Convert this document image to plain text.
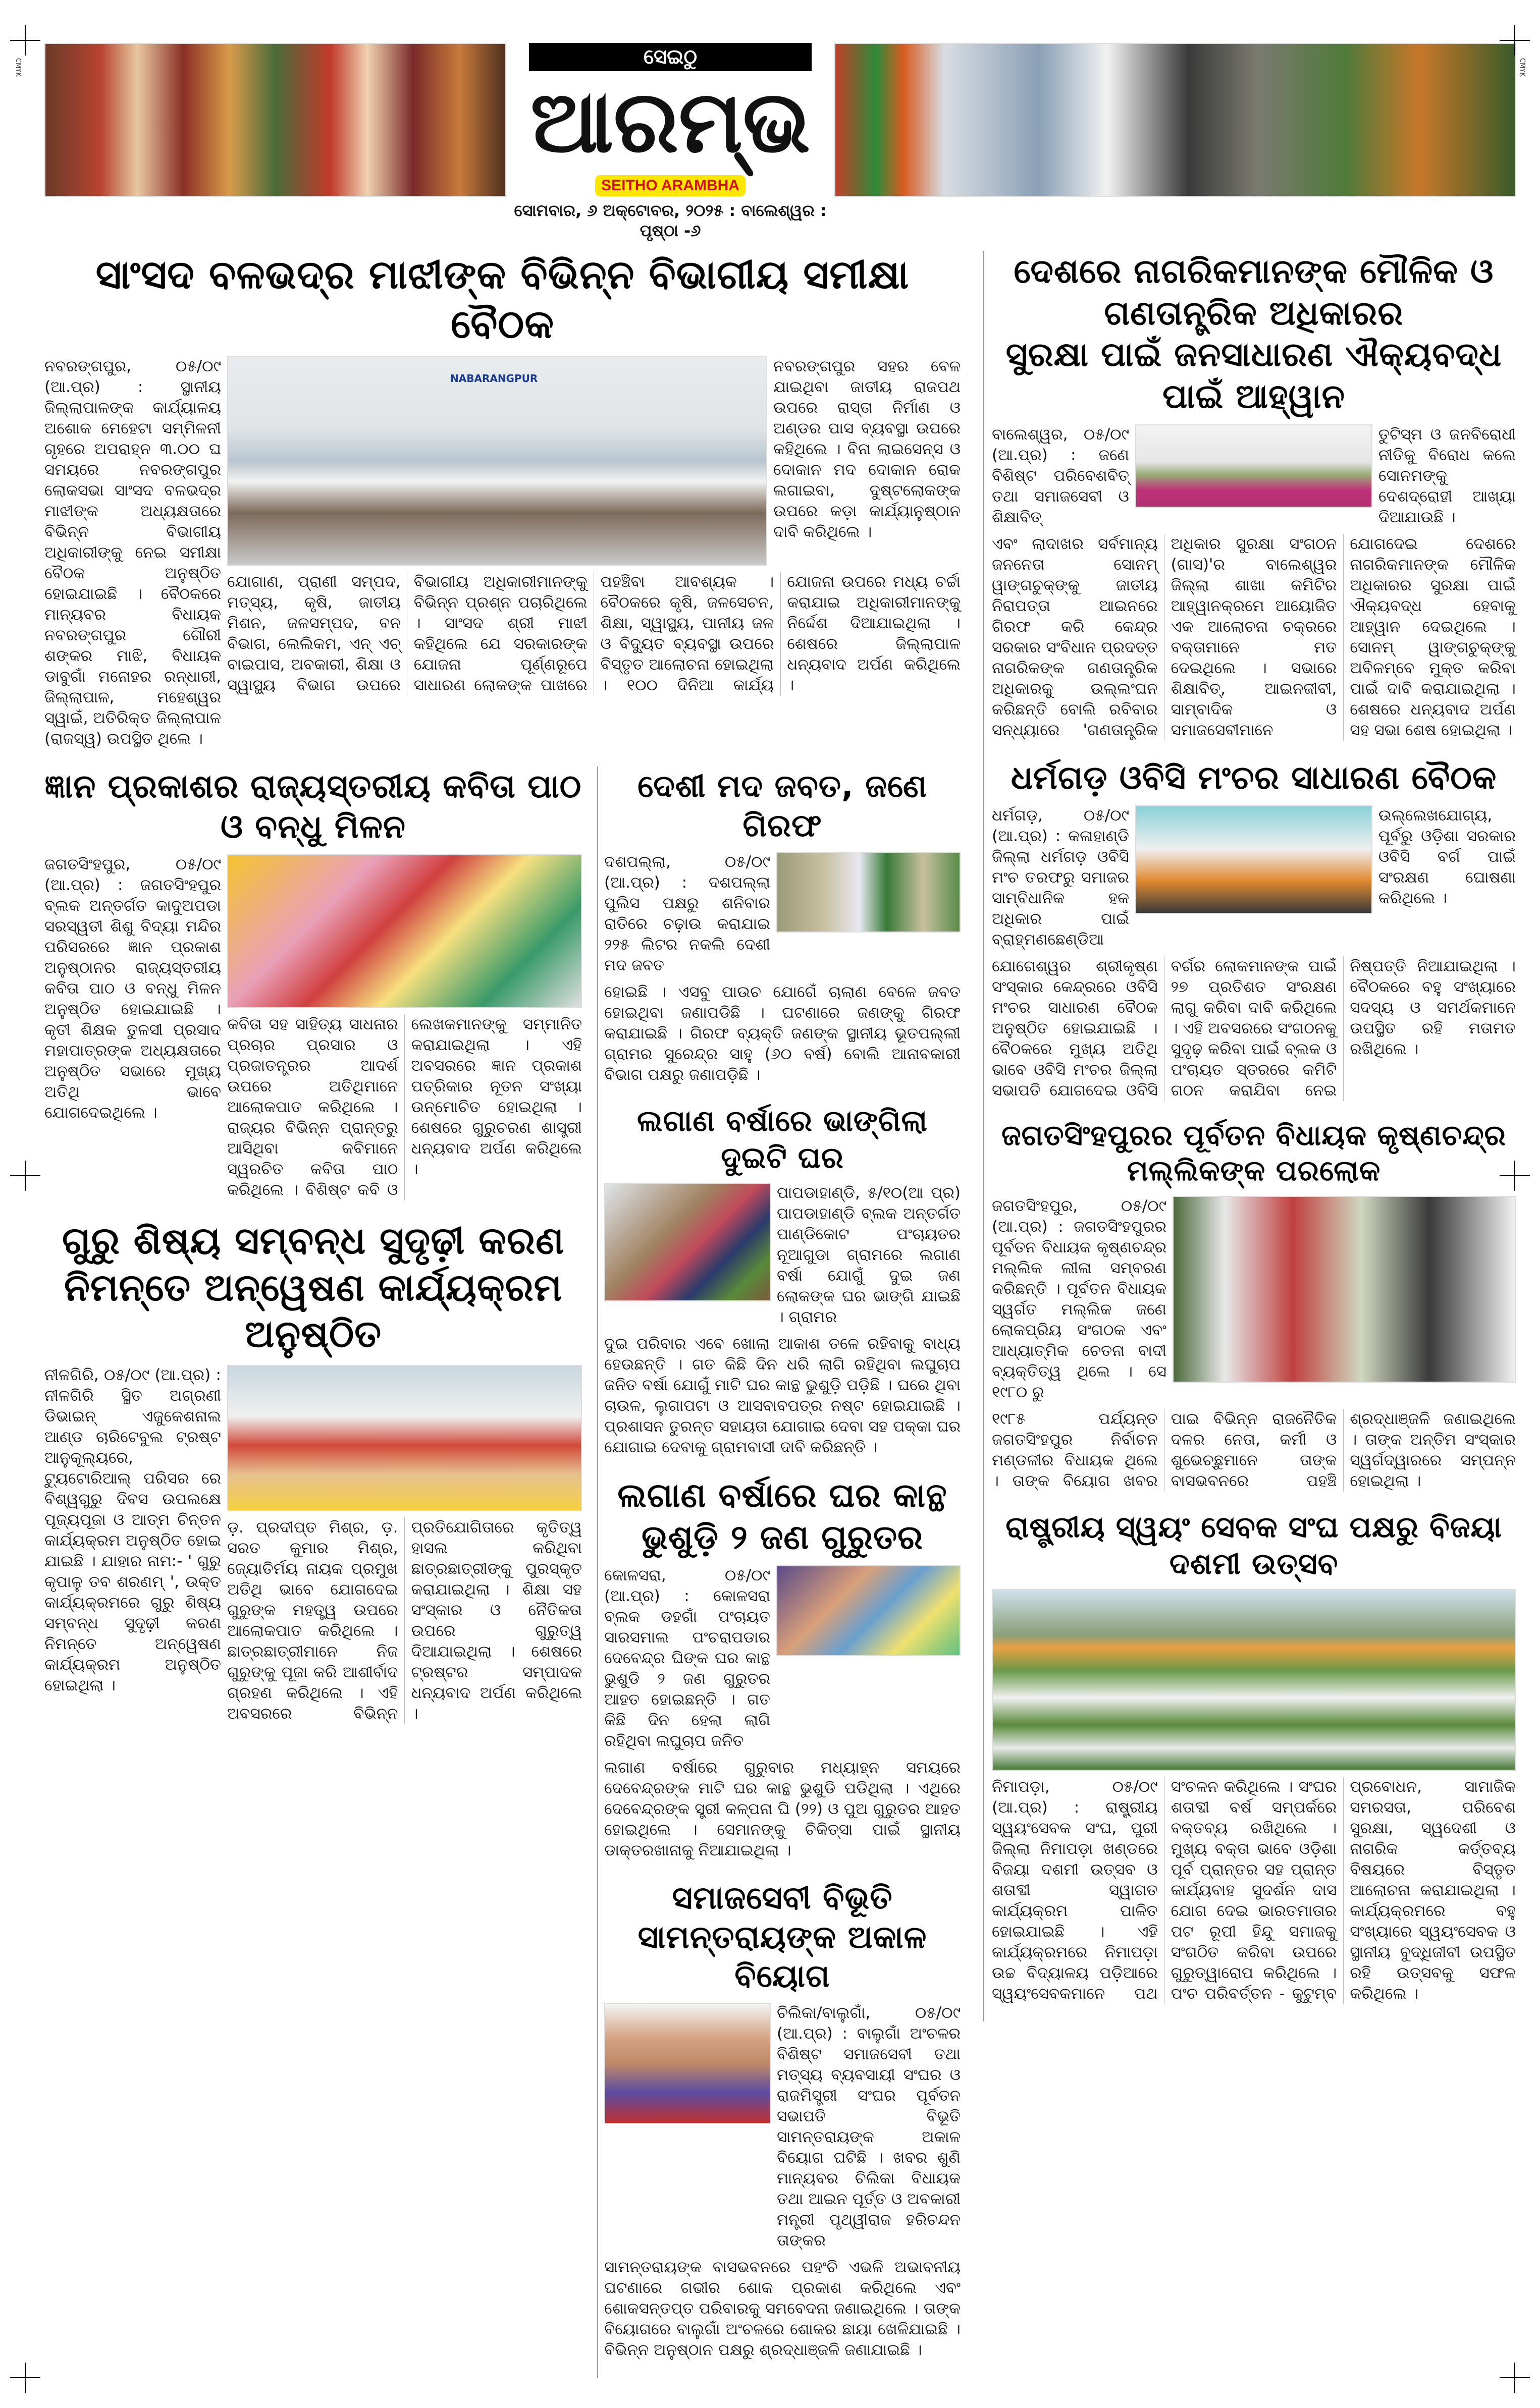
CMYK	CMYK
ସେଇଠୁ
ଆରମ୍ଭ
SEITHO ARAMBHA
ସୋମବାର, ୬ ଅକ୍ଟୋବର, ୨୦୨୫ : ବାଲେଶ୍ୱର : ପୃଷ୍ଠା -୬
ସାଂସଦ ବଳଭଦ୍ର ମାଝୀଙ୍କ ବିଭିନ୍ନ ବିଭାଗୀୟ ସମୀକ୍ଷା ବୈଠକ
ନବରଙ୍ଗପୁର, ୦୫/୦୯ (ଆ.ପ୍ର) : ସ୍ଥାନୀୟ ଜିଲ୍ଲାପାଳଙ୍କ କାର୍ଯ୍ୟାଳୟ ଅଶୋକ ମେହେଟା ସମ୍ମିଳନୀ ଗୃହରେ ଅପରାହ୍ନ ୩.୦୦ ଘ ସମୟରେ ନବରଙ୍ଗପୁର ଲୋକସଭା ସାଂସଦ ବଳଭଦ୍ର ମାଝୀଙ୍କ ଅଧ୍ୟକ୍ଷତାରେ ବିଭିନ୍ନ ବିଭାଗୀୟ ଅଧିକାରୀଙ୍କୁ ନେଇ ସମୀକ୍ଷା ବୈଠକ ଅନୁଷ୍ଠିତ ହୋଇଯାଇଛି । ବୈଠକରେ ମାନ୍ୟବର ବିଧାୟକ ନବରଙ୍ଗପୁର ଗୌରୀ ଶଙ୍କର ମାଝି, ବିଧାୟକ ଡାବୁଗାଁ ମନୋହର ରନ୍ଧାରୀ, ଜିଲ୍ଲାପାଳ, ମହେଶ୍ୱର ସ୍ୱାଇଁ, ଅତିରିକ୍ତ ଜିଲ୍ଲାପାଳ (ରାଜସ୍ୱ) ଉପସ୍ଥିତ ଥିଲେ ।
NABARANGPUR
ନବରଙ୍ଗପୁର ସହର ବେଳ ଯାଇଥିବା ଜାତୀୟ ରାଜପଥ ଉପରେ ରାସ୍ତା ନିର୍ମାଣ ଓ ଅଣ୍ଡର ପାସ ବ୍ୟବସ୍ଥା ଉପରେ କହିଥିଲେ । ବିନା ଲାଇସେନ୍ସ ଓ ଦୋକାନ ମଦ ଦୋକାନ ରୋକ ଲଗାଇବା, ଦୁଷ୍ଟଲୋକଙ୍କ ଉପରେ କଡ଼ା କାର୍ଯ୍ୟାନୁଷ୍ଠାନ ଦାବି କରିଥିଲେ ।
ଯୋଗାଣ, ପ୍ରାଣୀ ସମ୍ପଦ, ମତ୍ସ୍ୟ, କୃଷି, ଜାତୀୟ ମିଶନ, ଜଳସମ୍ପଦ, ବନ ବିଭାଗ, ଲେଲିକମ, ଏନ୍‌ ଏଚ୍‌ ବାଇପାସ, ଅବକାରୀ, ଶିକ୍ଷା ଓ ସ୍ୱାସ୍ଥ୍ୟ ବିଭାଗ ଉପରେ ବିଭାଗୀୟ ଅଧିକାରୀମାନଙ୍କୁ ବିଭିନ୍ନ ପ୍ରଶ୍ନ ପଚାରିଥିଲେ । ସାଂସଦ ଶ୍ରୀ ମାଝୀ କହିଥିଲେ ଯେ ସରକାରଙ୍କ ଯୋଜନା ପୂର୍ଣ୍ଣରୂପେ ସାଧାରଣ ଲୋକଙ୍କ ପାଖରେ ପହଞ୍ଚିବା ଆବଶ୍ୟକ । ବୈଠକରେ କୃଷି, ଜଳସେଚନ, ଶିକ୍ଷା, ସ୍ୱାସ୍ଥ୍ୟ, ପାନୀୟ ଜଳ ଓ ବିଦ୍ୟୁତ ବ୍ୟବସ୍ଥା ଉପରେ ବିସ୍ତୃତ ଆଲୋଚନା ହୋଇଥିଲା । ୧୦୦ ଦିନିଆ କାର୍ଯ୍ୟ ଯୋଜନା ଉପରେ ମଧ୍ୟ ଚର୍ଚ୍ଚା କରାଯାଇ ଅଧିକାରୀମାନଙ୍କୁ ନିର୍ଦ୍ଦେଶ ଦିଆଯାଇଥିଲା । ଶେଷରେ ଜିଲ୍ଲାପାଳ ଧନ୍ୟବାଦ ଅର୍ପଣ କରିଥିଲେ ।
ଜ୍ଞାନ ପ୍ରକାଶର ରାଜ୍ୟସ୍ତରୀୟ କବିତା ପାଠ ଓ ବନ୍ଧୁ ମିଳନ
ଜଗତସିଂହପୁର, ୦୫/୦୯ (ଆ.ପ୍ର) : ଜଗତସିଂହପୁର ବ୍ଲକ ଅନ୍ତର୍ଗତ କାଦୁଅପଡା ସରସ୍ୱତୀ ଶିଶୁ ବିଦ୍ୟା ମନ୍ଦିର ପରିସରରେ ଜ୍ଞାନ ପ୍ରକାଶ ଅନୁଷ୍ଠାନର ରାଜ୍ୟସ୍ତରୀୟ କବିତା ପାଠ ଓ ବନ୍ଧୁ ମିଳନ ଅନୁଷ୍ଠିତ ହୋଇଯାଇଛି । କୃତୀ ଶିକ୍ଷକ ତୁଳସୀ ପ୍ରସାଦ ମହାପାତ୍ରଙ୍କ ଅଧ୍ୟକ୍ଷତାରେ ଅନୁଷ୍ଠିତ ସଭାରେ ମୁଖ୍ୟ ଅତିଥି ଭାବେ ଯୋଗଦେଇଥିଲେ ।
କବିତା ସହ ସାହିତ୍ୟ ସାଧନାର ପ୍ରଚାର ପ୍ରସାର ଓ ପ୍ରଜାତନ୍ତ୍ରର ଆଦର୍ଶ ଉପରେ ଅତିଥିମାନେ ଆଲୋକପାତ କରିଥିଲେ । ରାଜ୍ୟର ବିଭିନ୍ନ ପ୍ରାନ୍ତରୁ ଆସିଥିବା କବିମାନେ ସ୍ୱରଚିତ କବିତା ପାଠ କରିଥିଲେ । ବିଶିଷ୍ଟ କବି ଓ ଲେଖକମାନଙ୍କୁ ସମ୍ମାନିତ କରାଯାଇଥିଲା । ଏହି ଅବସରରେ ଜ୍ଞାନ ପ୍ରକାଶ ପତ୍ରିକାର ନୂତନ ସଂଖ୍ୟା ଉନ୍ମୋଚିତ ହୋଇଥିଲା । ଶେଷରେ ଗୁରୁଚରଣ ଶାସ୍ତ୍ରୀ ଧନ୍ୟବାଦ ଅର୍ପଣ କରିଥିଲେ ।
ଗୁରୁ ଶିଷ୍ୟ ସମ୍ବନ୍ଧ ସୁଦୃଢ଼ୀ କରଣ
ନିମନ୍ତେ ଅନ୍ୱେଷଣ କାର୍ଯ୍ୟକ୍ରମ ଅନୁଷ୍ଠିତ
ନୀଳଗିରି, ୦୫/୦୯ (ଆ.ପ୍ର) : ନୀଳଗିରି ସ୍ଥିତ ଅଗ୍ରଣୀ ଡିଭାଇନ୍ ଏଜୁକେଶନାଲ ଆଣ୍ଡ ଚାରିଟେବୁଲ ଟ୍ରଷ୍ଟ ଆନୁକୂଲ୍ୟରେ, ଟ୍ୟୁଟୋରିଆଲ୍ ପରିସର ରେ ବିଶ୍ୱଗୁରୁ ଦିବସ ଉପଲକ୍ଷେ ପୂଜ୍ୟପୂଜା ଓ ଆତ୍ମ ଚିନ୍ତନ କାର୍ଯ୍ୟକ୍ରମ ଅନୁଷ୍ଠିତ ହୋଇ ଯାଇଛି । ଯାହାର ନାମ:- ' ଗୁରୁ କୃପାଳୁ ତବ ଶରଣମ୍ ', ଉକ୍ତ କାର୍ଯ୍ୟକ୍ରମରେ ଗୁରୁ ଶିଷ୍ୟ ସମ୍ବନ୍ଧ ସୁଦୃଢ଼ୀ କରଣ ନିମନ୍ତେ ଅନ୍ୱେଷଣ କାର୍ଯ୍ୟକ୍ରମ ଅନୁଷ୍ଠିତ ହୋଇଥିଲା ।
ଡ଼. ପ୍ରଦୀପ୍ତ ମିଶ୍ର, ଡ଼. ସରତ କୁମାର ମିଶ୍ର, ଜ୍ୟୋତିର୍ମୟ ନାୟକ ପ୍ରମୁଖ ଅତିଥି ଭାବେ ଯୋଗଦେଇ ଗୁରୁଙ୍କ ମହତ୍ତ୍ୱ ଉପରେ ଆଲୋକପାତ କରିଥିଲେ । ଛାତ୍ରଛାତ୍ରୀମାନେ ନିଜ ଗୁରୁଙ୍କୁ ପୂଜା କରି ଆଶୀର୍ବାଦ ଗ୍ରହଣ କରିଥିଲେ । ଏହି ଅବସରରେ ବିଭିନ୍ନ ପ୍ରତିଯୋଗିତାରେ କୃତିତ୍ୱ ହାସଲ କରିଥିବା ଛାତ୍ରଛାତ୍ରୀଙ୍କୁ ପୁରସ୍କୃତ କରାଯାଇଥିଲା । ଶିକ୍ଷା ସହ ସଂସ୍କାର ଓ ନୈତିକତା ଉପରେ ଗୁରୁତ୍ୱ ଦିଆଯାଇଥିଲା । ଶେଷରେ ଟ୍ରଷ୍ଟର ସମ୍ପାଦକ ଧନ୍ୟବାଦ ଅର୍ପଣ କରିଥିଲେ ।
ଦେଶୀ ମଦ ଜବତ, ଜଣେ ଗିରଫ
ଦଶପଲ୍ଲା, ୦୫/୦୯ (ଆ.ପ୍ର) : ଦଶପଲ୍ଲା ପୁଲିସ ପକ୍ଷରୁ ଶନିବାର ରାତିରେ ଚଢ଼ାଉ କରାଯାଇ ୨୨୫ ଲିଟର ନକଲି ଦେଶୀ ମଦ ଜବତ
ହୋଇଛି । ଏସବୁ ପାଉଚ ଯୋଗେଁ ଚାଲାଣ ବେଳେ ଜବତ ହୋଇଥିବା ଜଣାପଡିଛି । ଘଟଣାରେ ଜଣଙ୍କୁ ଗିରଫ କରାଯାଇଛି । ଗିରଫ ବ୍ୟକ୍ତି ଜଣଙ୍କ ସ୍ଥାନୀୟ ଭୂତପଲ୍ଲୀ ଗ୍ରାମର ସୁରେନ୍ଦ୍ର ସାହୁ (୬୦ ବର୍ଷ) ବୋଲି ଆନାବକାରୀ ବିଭାଗ ପକ୍ଷରୁ ଜଣାପଡ଼ିଛି ।
ଲଗାଣ ବର୍ଷାରେ ଭାଙ୍ଗିଲା ଦୁଇଟି ଘର
ପାପଡାହାଣ୍ଡି, ୫/୧୦(ଆ ପ୍ର) ପାପଡାହାଣ୍ଡି ବ୍ଲକ ଅନ୍ତର୍ଗତ ପାଣ୍ଡିକୋଟ ପଂଚାୟତର ନୂଆଗୁଡା ଗ୍ରାମରେ ଲଗାଣ ବର୍ଷା ଯୋଗୁଁ ଦୁଇ ଜଣ ଲୋକଙ୍କ ଘର ଭାଙ୍ଗି ଯାଇଛି । ଗ୍ରାମର
ଦୁଇ ପରିବାର ଏବେ ଖୋଲା ଆକାଶ ତଳେ ରହିବାକୁ ବାଧ୍ୟ ହେଉଛନ୍ତି । ଗତ କିଛି ଦିନ ଧରି ଲାଗି ରହିଥିବା ଲଘୁଚାପ ଜନିତ ବର୍ଷା ଯୋଗୁଁ ମାଟି ଘର କାନ୍ଥ ଭୁଶୁଡ଼ି ପଡ଼ିଛି । ଘରେ ଥିବା ଚାଉଳ, ଲୁଗାପଟା ଓ ଆସବାବପତ୍ର ନଷ୍ଟ ହୋଇଯାଇଛି । ପ୍ରଶାସନ ତୁରନ୍ତ ସହାୟତା ଯୋଗାଇ ଦେବା ସହ ପକ୍କା ଘର ଯୋଗାଇ ଦେବାକୁ ଗ୍ରାମବାସୀ ଦାବି କରିଛନ୍ତି ।
ଲଗାଣ ବର୍ଷାରେ ଘର କାନ୍ଥ
ଭୁଶୁଡ଼ି ୨ ଜଣ ଗୁରୁତର
କୋଳସରା, ୦୫/୦୯ (ଆ.ପ୍ର) : କୋଳସରା ବ୍ଲକ ଡହଗାଁ ପଂଚାୟତ ସାରସମାଲ ପଂଚରାପଡାର ଦେବେନ୍ଦ୍ର ଘିଙ୍କ ଘର କାନ୍ଥ ଭୁଶୁଡି ୨ ଜଣ ଗୁରୁତର ଆହତ ହୋଇଛନ୍ତି । ଗତ କିଛି ଦିନ ହେଲା ଲାଗି ରହିଥିବା ଲଘୁଚାପ ଜନିତ
ଲଗାଣ ବର୍ଷାରେ ଗୁରୁବାର ମଧ୍ୟାହ୍ନ ସମୟରେ ଦେବେନ୍ଦ୍ରଙ୍କ ମାଟି ଘର କାନ୍ଥ ଭୁଶୁଡି ପଡିଥିଲା । ଏଥିରେ ଦେବେନ୍ଦ୍ରଙ୍କ ସ୍ତ୍ରୀ କଳ୍ପନା ଘି (୨୨) ଓ ପୁଅ ଗୁରୁତର ଆହତ ହୋଇଥିଲେ । ସେମାନଙ୍କୁ ଚିକିତ୍ସା ପାଇଁ ସ୍ଥାନୀୟ ଡାକ୍ତରଖାନାକୁ ନିଆଯାଇଥିଲା ।
ସମାଜସେବୀ ବିଭୂତି
ସାମନ୍ତରାୟଙ୍କ ଅକାଳ ବିୟୋଗ
ଚିଲିକା/ବାଲୁଗାଁ, ୦୫/୦୯ (ଆ.ପ୍ର) : ବାଲୁଗାଁ ଅଂଚଳର ବିଶିଷ୍ଟ ସମାଜସେବୀ ତଥା ମତ୍ସ୍ୟ ବ୍ୟବସାୟୀ ସଂଘର ଓ ରାଜମିସ୍ତ୍ରୀ ସଂଘର ପୂର୍ବତନ ସଭାପତି ବିଭୂତି ସାମନ୍ତରାୟଙ୍କ ଅକାଳ ବିୟୋଗ ଘଟିଛି । ଖବର ଶୁଣି ମାନ୍ୟବର ଚିଲିକା ବିଧାୟକ ତଥା ଆଇନ ପୂର୍ତ୍ତ ଓ ଅବକାରୀ ମନ୍ତ୍ରୀ ପୃଥ୍ୱୀରାଜ ହରିଚନ୍ଦନ ତାଙ୍କର
ସାମନ୍ତରାୟଙ୍କ ବାସଭବନରେ ପହଂଚି ଏଭଳି ଅଭାବନୀୟ ଘଟଣାରେ ଗଭୀର ଶୋକ ପ୍ରକାଶ କରିଥିଲେ ଏବଂ ଶୋକସନ୍ତପ୍ତ ପରିବାରକୁ ସମବେଦନା ଜଣାଇଥିଲେ । ତାଙ୍କ ବିୟୋଗରେ ବାଲୁଗାଁ ଅଂଚଳରେ ଶୋକର ଛାୟା ଖେଳିଯାଇଛି । ବିଭିନ୍ନ ଅନୁଷ୍ଠାନ ପକ୍ଷରୁ ଶ୍ରଦ୍ଧାଞ୍ଜଳି ଜଣାଯାଇଛି ।
ଦେଶରେ ନାଗରିକମାନଙ୍କ ମୌଳିକ ଓ ଗଣତାନ୍ତ୍ରିକ ଅଧିକାରର
ସୁରକ୍ଷା ପାଇଁ ଜନସାଧାରଣ ଐକ୍ୟବଦ୍ଧ ପାଇଁ ଆହ୍ୱାନ
ବାଲେଶ୍ୱର, ୦୫/୦୯ (ଆ.ପ୍ର) : ଜଣେ ବିଶିଷ୍ଟ ପରିବେଶବିତ୍‌ ତଥା ସମାଜସେବୀ ଓ ଶିକ୍ଷାବିତ୍‌
ତୁଟିସ୍ମ ଓ ଜନବିରୋଧୀ ନୀତିକୁ ବିରୋଧ କଲେ ସୋନମଙ୍କୁ ଦେଶଦ୍ରୋହୀ ଆଖ୍ୟା ଦିଆଯାଉଛି ।
ଏବଂ ଲାଦାଖର ସର୍ବମାନ୍ୟ ଜନନେତା ସୋନମ୍ ୱାଙ୍ଗଚୁକ୍‌ଙ୍କୁ ଜାତୀୟ ନିରାପତ୍ତା ଆଇନରେ ଗିରଫ କରି କେନ୍ଦ୍ର ସରକାର ସଂବିଧାନ ପ୍ରଦତ୍ତ ନାଗରିକଙ୍କ ଗଣତାନ୍ତ୍ରିକ ଅଧିକାରକୁ ଉଲ୍ଲଂଘନ କରିଛନ୍ତି ବୋଲି ରବିବାର ସନ୍ଧ୍ୟାରେ 'ଗଣତାନ୍ତ୍ରିକ ଅଧିକାର ସୁରକ୍ଷା ସଂଗଠନ (ଗାସ)'ର ବାଲେଶ୍ୱର ଜିଲ୍ଲା ଶାଖା କମିଟିର ଆହ୍ୱାନକ୍ରମେ ଆୟୋଜିତ ଏକ ଆଲୋଚନା ଚକ୍ରରେ ବକ୍ତାମାନେ ମତ ଦେଇଥିଲେ । ସଭାରେ ଶିକ୍ଷାବିତ୍‌, ଆଇନଜୀବୀ, ସାମ୍ବାଦିକ ଓ ସମାଜସେବୀମାନେ ଯୋଗଦେଇ ଦେଶରେ ନାଗରିକମାନଙ୍କ ମୌଳିକ ଅଧିକାରର ସୁରକ୍ଷା ପାଇଁ ଐକ୍ୟବଦ୍ଧ ହେବାକୁ ଆହ୍ୱାନ ଦେଇଥିଲେ । ସୋନମ୍ ୱାଙ୍ଗଚୁକ୍‌ଙ୍କୁ ଅବିଳମ୍ବେ ମୁକ୍ତ କରିବା ପାଇଁ ଦାବି କରାଯାଇଥିଲା । ଶେଷରେ ଧନ୍ୟବାଦ ଅର୍ପଣ ସହ ସଭା ଶେଷ ହୋଇଥିଲା ।
ଧର୍ମଗଡ଼ ଓବିସି ମଂଚର ସାଧାରଣ ବୈଠକ
ଧର୍ମଗଡ଼, ୦୫/୦୯ (ଆ.ପ୍ର) : କଳାହାଣ୍ଡି ଜିଲ୍ଲା ଧର୍ମଗଡ଼ ଓବିସି ମଂଚ ତରଫରୁ ସମାଜର ସାମ୍ବିଧାନିକ ହକ ଅଧିକାର ପାଇଁ ବ୍ରାହ୍ମଣଛେଣ୍ଡିଆ
ଉଲ୍ଲେଖଯୋଗ୍ୟ, ପୂର୍ବରୁ ଓଡ଼ିଶା ସରକାର ଓବିସି ବର୍ଗ ପାଇଁ ସଂରକ୍ଷଣ ଘୋଷଣା କରିଥିଲେ ।
ଯୋଗେଶ୍ୱର ଶ୍ରୀକୃଷ୍ଣ ସଂସ୍କାର କେନ୍ଦ୍ରରେ ଓବିସି ମଂଚର ସାଧାରଣ ବୈଠକ ଅନୁଷ୍ଠିତ ହୋଇଯାଇଛି । ବୈଠକରେ ମୁଖ୍ୟ ଅତିଥି ଭାବେ ଓବିସି ମଂଚର ଜିଲ୍ଲା ସଭାପତି ଯୋଗଦେଇ ଓବିସି ବର୍ଗର ଲୋକମାନଙ୍କ ପାଇଁ ୨୭ ପ୍ରତିଶତ ସଂରକ୍ଷଣ ଲାଗୁ କରିବା ଦାବି କରିଥିଲେ । ଏହି ଅବସରରେ ସଂଗଠନକୁ ସୁଦୃଢ଼ କରିବା ପାଇଁ ବ୍ଲକ ଓ ପଂଚାୟତ ସ୍ତରରେ କମିଟି ଗଠନ କରାଯିବା ନେଇ ନିଷ୍ପତ୍ତି ନିଆଯାଇଥିଲା । ବୈଠକରେ ବହୁ ସଂଖ୍ୟାରେ ସଦସ୍ୟ ଓ ସମର୍ଥକମାନେ ଉପସ୍ଥିତ ରହି ମତାମତ ରଖିଥିଲେ ।
ଜଗତସିଂହପୁରର ପୂର୍ବତନ ବିଧାୟକ କୃଷ୍ଣଚନ୍ଦ୍ର ମଲ୍ଲିକଙ୍କ ପରଲୋକ
ଜଗତସିଂହପୁର, ୦୫/୦୯ (ଆ.ପ୍ର) : ଜଗତସିଂହପୁରର ପୂର୍ବତନ ବିଧାୟକ କୃଷ୍ଣଚନ୍ଦ୍ର ମଲ୍ଲିକ ଲୀଳା ସମ୍ବରଣ କରିଛନ୍ତି । ପୂର୍ବତନ ବିଧାୟକ ସ୍ୱର୍ଗତ ମଲ୍ଲିକ ଜଣେ ଲୋକପ୍ରିୟ ସଂଗଠକ ଏବଂ ଆଧ୍ୟାତ୍ମିକ ଚେତନା ବାଦୀ ବ୍ୟକ୍ତିତ୍ୱ ଥିଲେ । ସେ ୧୯୮୦ ରୁ
୧୯୮୫ ପର୍ଯ୍ୟନ୍ତ ଜଗତସିଂହପୁର ନିର୍ବାଚନ ମଣ୍ଡଳୀର ବିଧାୟକ ଥିଲେ । ତାଙ୍କ ବିୟୋଗ ଖବର ପାଇ ବିଭିନ୍ନ ରାଜନୈତିକ ଦଳର ନେତା, କର୍ମୀ ଓ ଶୁଭେଚ୍ଛୁମାନେ ତାଙ୍କ ବାସଭବନରେ ପହଞ୍ଚି ଶ୍ରଦ୍ଧାଞ୍ଜଳି ଜଣାଇଥିଲେ । ତାଙ୍କ ଅନ୍ତିମ ସଂସ୍କାର ସ୍ୱର୍ଗଦ୍ୱାରରେ ସମ୍ପନ୍ନ ହୋଇଥିଲା ।
ରାଷ୍ଟ୍ରୀୟ ସ୍ୱୟଂ ସେବକ ସଂଘ ପକ୍ଷରୁ ବିଜୟା ଦଶମୀ ଉତ୍ସବ
ନିମାପଡ଼ା, ୦୫/୦୯ (ଆ.ପ୍ର) : ରାଷ୍ଟ୍ରୀୟ ସ୍ୱୟଂସେବକ ସଂଘ, ପୁରୀ ଜିଲ୍ଲା ନିମାପଡ଼ା ଖଣ୍ଡରେ ବିଜୟା ଦଶମୀ ଉତ୍ସବ ଓ ଶତାବ୍ଦୀ ସ୍ୱାଗତ କାର୍ଯ୍ୟକ୍ରମ ପାଳିତ ହୋଇଯାଇଛି । ଏହି କାର୍ଯ୍ୟକ୍ରମରେ ନିମାପଡ଼ା ଉଚ୍ଚ ବିଦ୍ୟାଳୟ ପଡ଼ିଆରେ ସ୍ୱୟଂସେବକମାନେ ପଥ ସଂଚଳନ କରିଥିଲେ । ସଂଘର ଶତାବ୍ଦୀ ବର୍ଷ ସମ୍ପର୍କରେ ବକ୍ତବ୍ୟ ରଖିଥିଲେ । ମୁଖ୍ୟ ବକ୍ତା ଭାବେ ଓଡ଼ିଶା ପୂର୍ବ ପ୍ରାନ୍ତର ସହ ପ୍ରାନ୍ତ କାର୍ଯ୍ୟବାହ ସୁଦର୍ଶନ ଦାସ ଯୋଗ ଦେଇ ଭାରତମାତାର ପଟ ରୂପୀ ହିନ୍ଦୁ ସମାଜକୁ ସଂଗଠିତ କରିବା ଉପରେ ଗୁରୁତ୍ୱାରୋପ କରିଥିଲେ । ପଂଚ ପରିବର୍ତ୍ତନ - କୁଟୁମ୍ବ ପ୍ରବୋଧନ, ସାମାଜିକ ସମରସତା, ପରିବେଶ ସୁରକ୍ଷା, ସ୍ୱଦେଶୀ ଓ ନାଗରିକ କର୍ତ୍ତବ୍ୟ ବିଷୟରେ ବିସ୍ତୃତ ଆଲୋଚନା କରାଯାଇଥିଲା । କାର୍ଯ୍ୟକ୍ରମରେ ବହୁ ସଂଖ୍ୟାରେ ସ୍ୱୟଂସେବକ ଓ ସ୍ଥାନୀୟ ବୁଦ୍ଧିଜୀବୀ ଉପସ୍ଥିତ ରହି ଉତ୍ସବକୁ ସଫଳ କରିଥିଲେ ।
